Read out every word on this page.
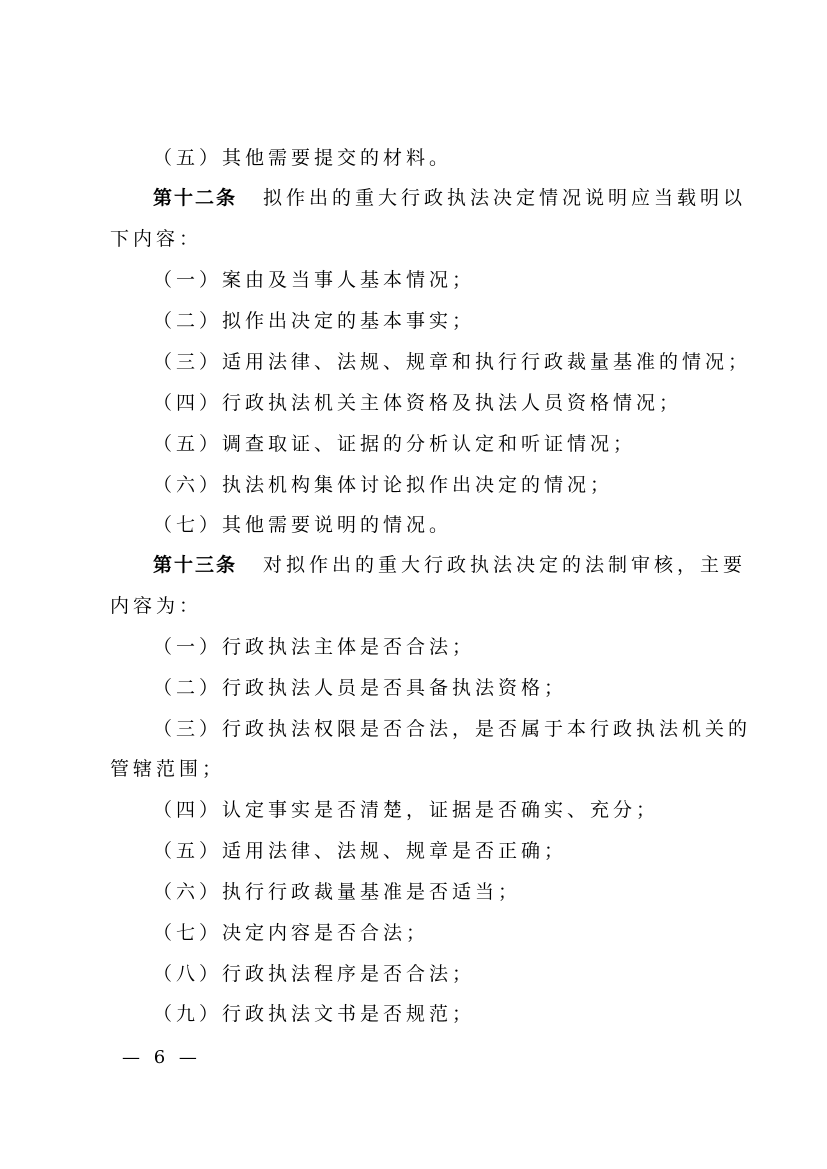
（五）其他需要提交的材料。
第十二条 拟作出的重大行政执法决定情况说明应当载明以
下内容：
（一）案由及当事人基本情况；
（二）拟作出决定的基本事实；
（三）适用法律、法规、规章和执行行政裁量基准的情况；
（四）行政执法机关主体资格及执法人员资格情况；
（五）调查取证、证据的分析认定和听证情况；
（六）执法机构集体讨论拟作出决定的情况；
（七）其他需要说明的情况。
第十三条 对拟作出的重大行政执法决定的法制审核，主要
内容为：
（一）行政执法主体是否合法；
（二）行政执法人员是否具备执法资格；
（三）行政执法权限是否合法，是否属于本行政执法机关的
管辖范围；
（四）认定事实是否清楚，证据是否确实、充分；
（五）适用法律、法规、规章是否正确；
（六）执行行政裁量基准是否适当；
（七）决定内容是否合法；
（八）行政执法程序是否合法；
（九）行政执法文书是否规范；
— 6 —
